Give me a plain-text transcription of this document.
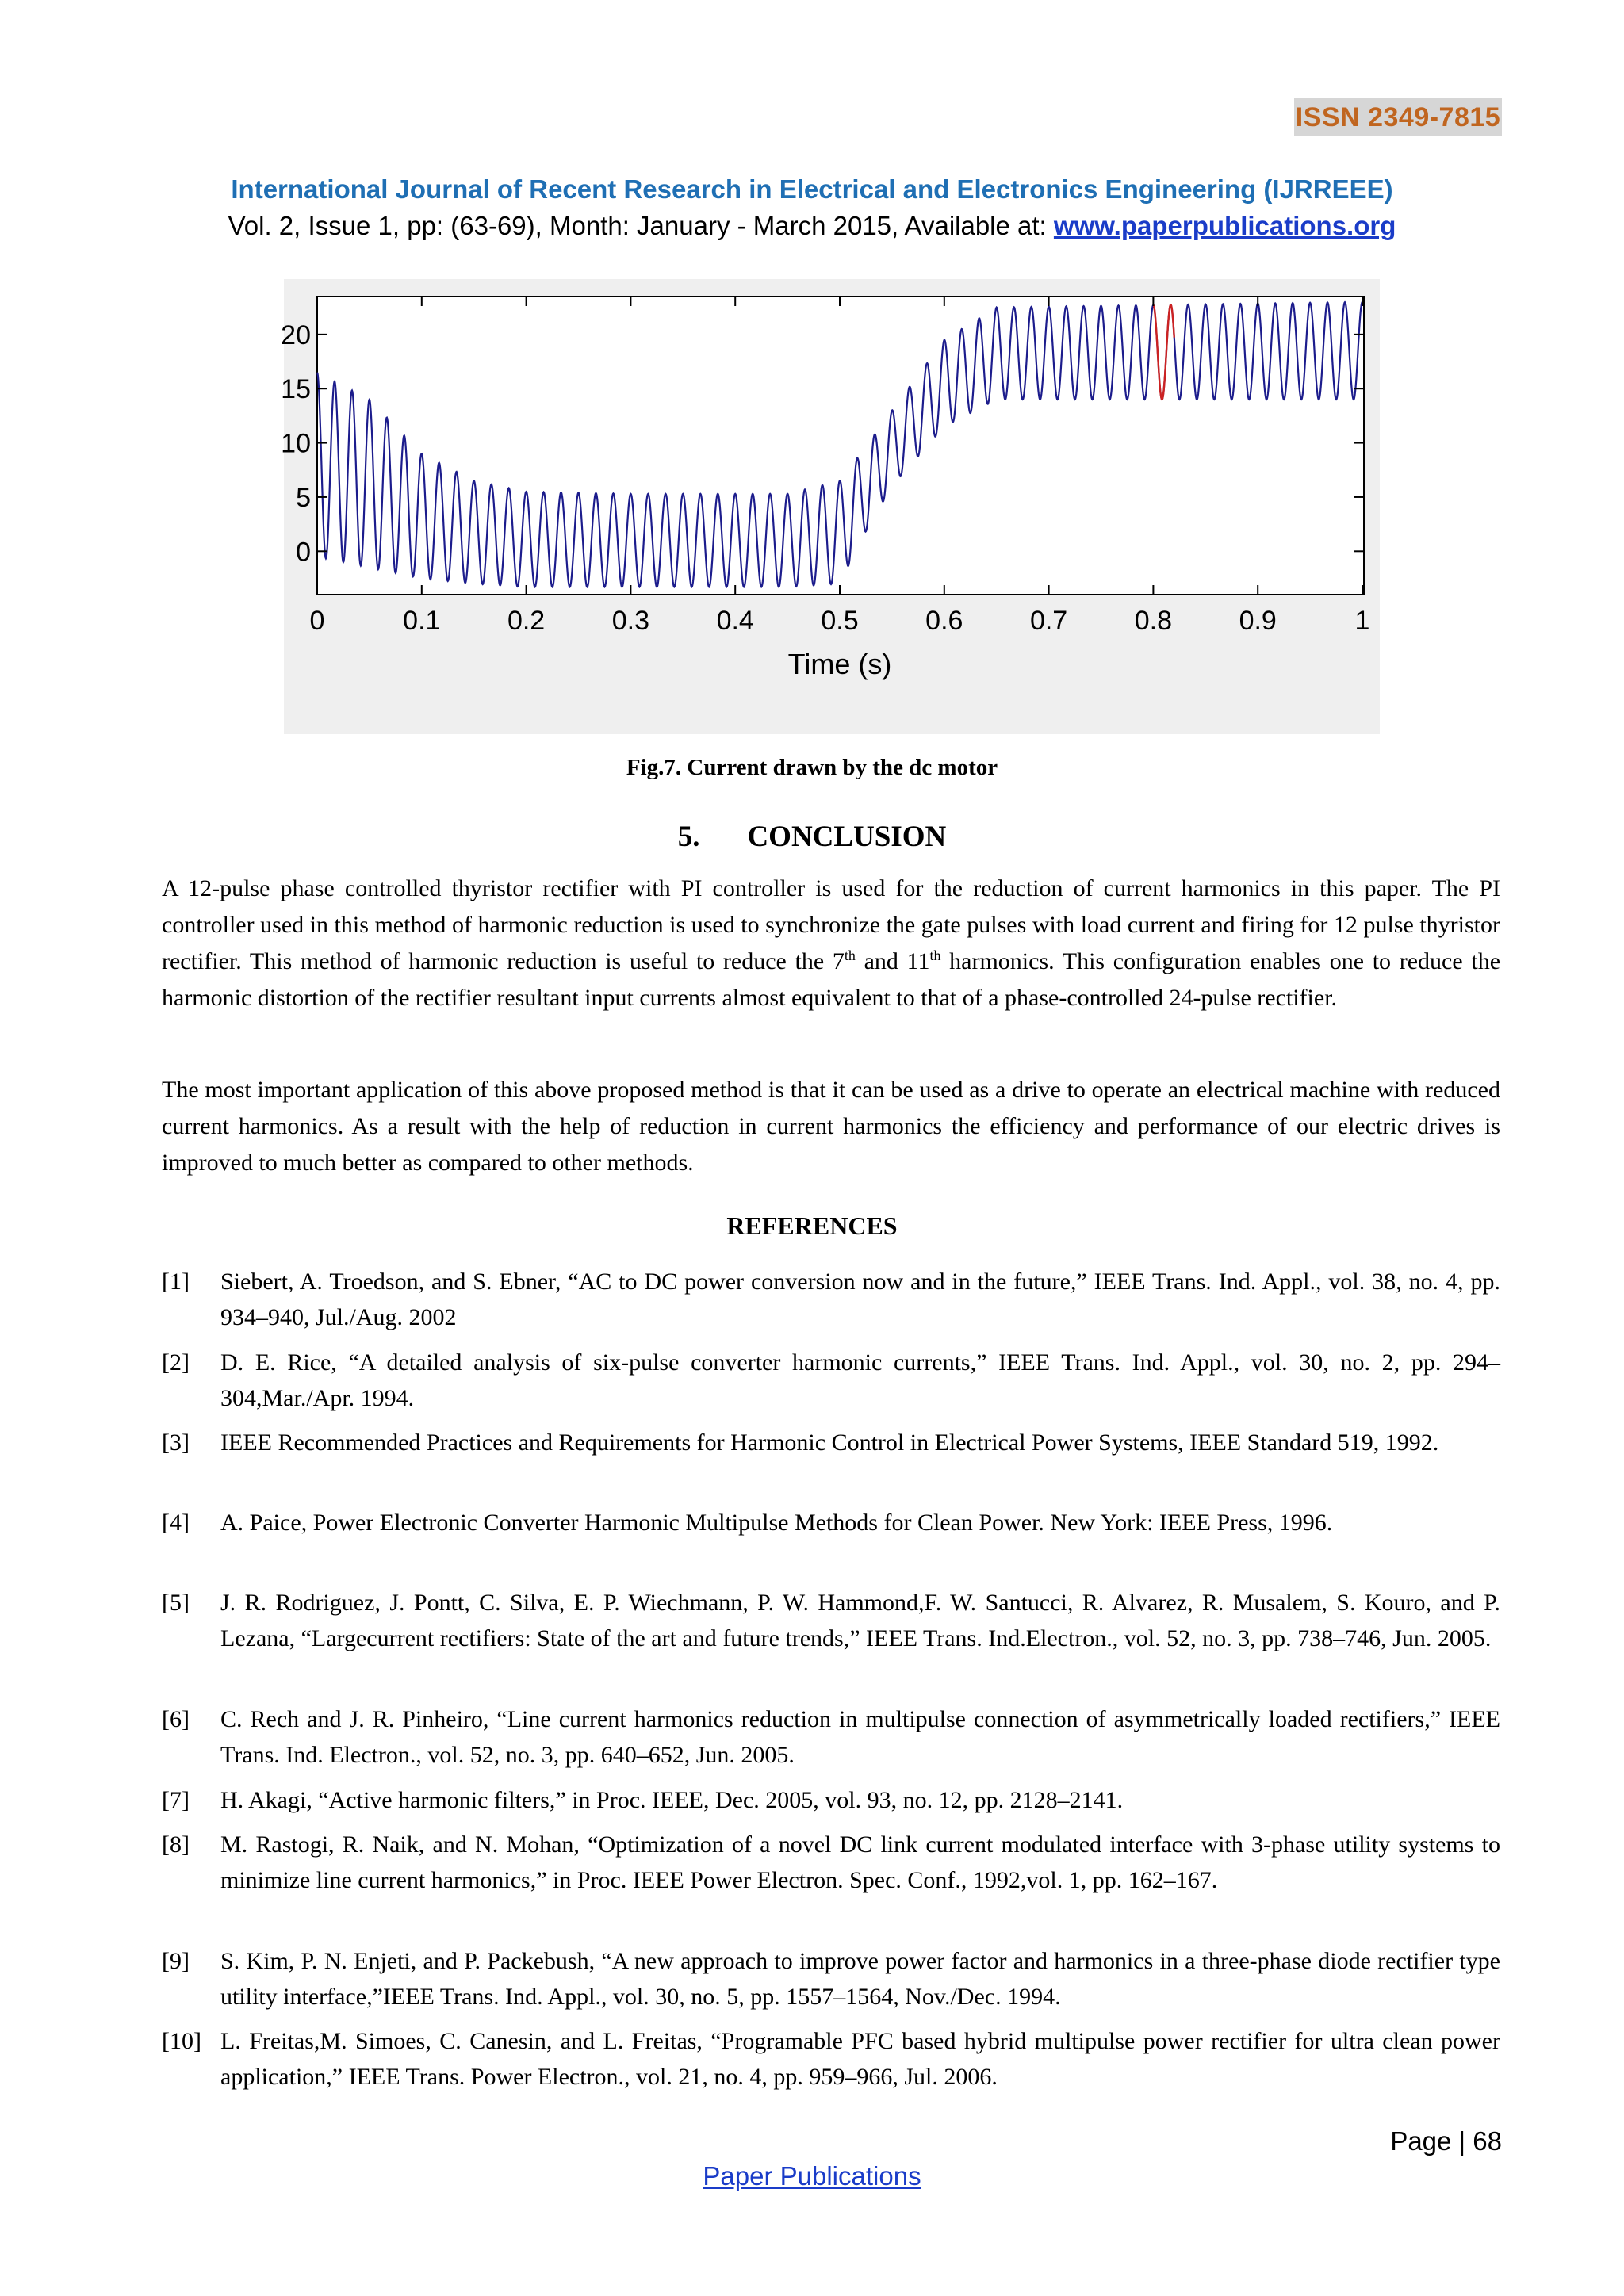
ISSN 2349-7815
International Journal of Recent Research in Electrical and Electronics Engineering (IJRREEE)
Vol. 2, Issue 1, pp: (63-69), Month: January - March 2015, Available at: www.paperpublications.org
0	0.1 0.2 0.3 0.4 0.5 0.6 0.7 0.8 0.9	1
0
5
10
15
20
Time (s)
Fig.7. Current drawn by the dc motor
5. CONCLUSION
A 12-pulse phase controlled thyristor rectifier with PI controller is used for the reduction of current harmonics in this paper. The PI controller used in this method of harmonic reduction is used to synchronize the gate pulses with load current and firing for 12 pulse thyristor rectifier. This method of harmonic reduction is useful to reduce the 7th and 11th harmonics. This configuration enables one to reduce the harmonic distortion of the rectifier resultant input currents almost equivalent to that of a phase-controlled 24-pulse rectifier.
The most important application of this above proposed method is that it can be used as a drive to operate an electrical machine with reduced current harmonics. As a result with the help of reduction in current harmonics the efficiency and performance of our electric drives is improved to much better as compared to other methods.
REFERENCES
[1] Siebert, A. Troedson, and S. Ebner, “AC to DC power conversion now and in the future,” IEEE Trans. Ind. Appl., vol. 38, no. 4, pp. 934–940, Jul./Aug. 2002
[2] D. E. Rice, “A detailed analysis of six-pulse converter harmonic currents,” IEEE Trans. Ind. Appl., vol. 30, no. 2, pp. 294–304,Mar./Apr. 1994.
[3] IEEE Recommended Practices and Requirements for Harmonic Control in Electrical Power Systems, IEEE Standard 519, 1992.
[4] A. Paice, Power Electronic Converter Harmonic Multipulse Methods for Clean Power. New York: IEEE Press, 1996.
[5] J. R. Rodriguez, J. Pontt, C. Silva, E. P. Wiechmann, P. W. Hammond,F. W. Santucci, R. Alvarez, R. Musalem, S. Kouro, and P. Lezana, “Largecurrent rectifiers: State of the art and future trends,” IEEE Trans. Ind.Electron., vol. 52, no. 3, pp. 738–746, Jun. 2005.
[6] C. Rech and J. R. Pinheiro, “Line current harmonics reduction in multipulse connection of asymmetrically loaded rectifiers,” IEEE Trans. Ind. Electron., vol. 52, no. 3, pp. 640–652, Jun. 2005.
[7] H. Akagi, “Active harmonic filters,” in Proc. IEEE, Dec. 2005, vol. 93, no. 12, pp. 2128–2141.
[8] M. Rastogi, R. Naik, and N. Mohan, “Optimization of a novel DC link current modulated interface with 3-phase utility systems to minimize line current harmonics,” in Proc. IEEE Power Electron. Spec. Conf., 1992,vol. 1, pp. 162–167.
[9] S. Kim, P. N. Enjeti, and P. Packebush, “A new approach to improve power factor and harmonics in a three-phase diode rectifier type utility interface,”IEEE Trans. Ind. Appl., vol. 30, no. 5, pp. 1557–1564, Nov./Dec. 1994.
[10] L. Freitas,M. Simoes, C. Canesin, and L. Freitas, “Programable PFC based hybrid multipulse power rectifier for ultra clean power application,” IEEE Trans. Power Electron., vol. 21, no. 4, pp. 959–966, Jul. 2006.
Page | 68
Paper Publications
